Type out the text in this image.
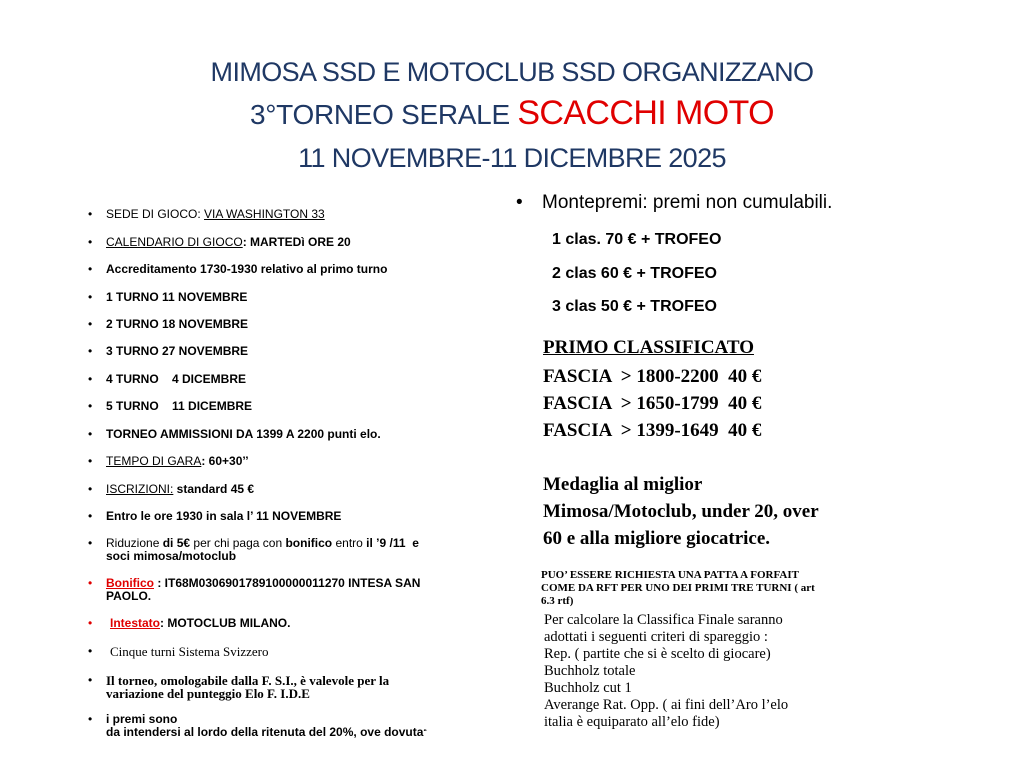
MIMOSA SSD E MOTOCLUB SSD ORGANIZZANO
3°TORNEO SERALE SCACCHI MOTO
11 NOVEMBRE-11 DICEMBRE 2025
•	SEDE DI GIOCO: VIA WASHINGTON 33
•	CALENDARIO DI GIOCO: MARTEDì ORE 20
•	Accreditamento 1730-1930 relativo al primo turno
•	1 TURNO 11 NOVEMBRE
•	2 TURNO 18 NOVEMBRE
•	3 TURNO 27 NOVEMBRE
•	4 TURNO    4 DICEMBRE
•	5 TURNO    11 DICEMBRE
•	TORNEO AMMISSIONI DA 1399 A 2200 punti elo.
•	TEMPO DI GARA: 60+30’’
•	ISCRIZIONI: standard 45 €
•	Entro le ore 1930 in sala l’ 11 NOVEMBRE
•	Riduzione di 5€ per chi paga con bonifico entro il ’9 /11  e
soci mimosa/motoclub
•	Bonifico : IT68M0306901789100000011270 INTESA SAN
PAOLO.
•	Intestato: MOTOCLUB MILANO.
•	Cinque turni Sistema Svizzero
•	Il torneo, omologabile dalla F. S.I., è valevole per la
variazione del punteggio Elo F. I.D.E
•	i premi sono
da intendersi al lordo della ritenuta del 20%, ove dovuta“
• Montepremi: premi non cumulabili.
1 clas. 70 € + TROFEO
2 clas 60 € + TROFEO
3 clas 50 € + TROFEO
PRIMO CLASSIFICATO
FASCIA  > 1800-2200  40 €
FASCIA  > 1650-1799  40 €
FASCIA  > 1399-1649  40 €
Medaglia al miglior
Mimosa/Motoclub, under 20, over
60 e alla migliore giocatrice.
PUO’ ESSERE RICHIESTA UNA PATTA A FORFAIT
COME DA RFT PER UNO DEI PRIMI TRE TURNI ( art
6.3 rtf)
Per calcolare la Classifica Finale saranno
adottati i seguenti criteri di spareggio :
Rep. ( partite che si è scelto di giocare)
Buchholz totale
Buchholz cut 1
Averange Rat. Opp. ( ai fini dell’Aro l’elo
italia è equiparato all’elo fide)
